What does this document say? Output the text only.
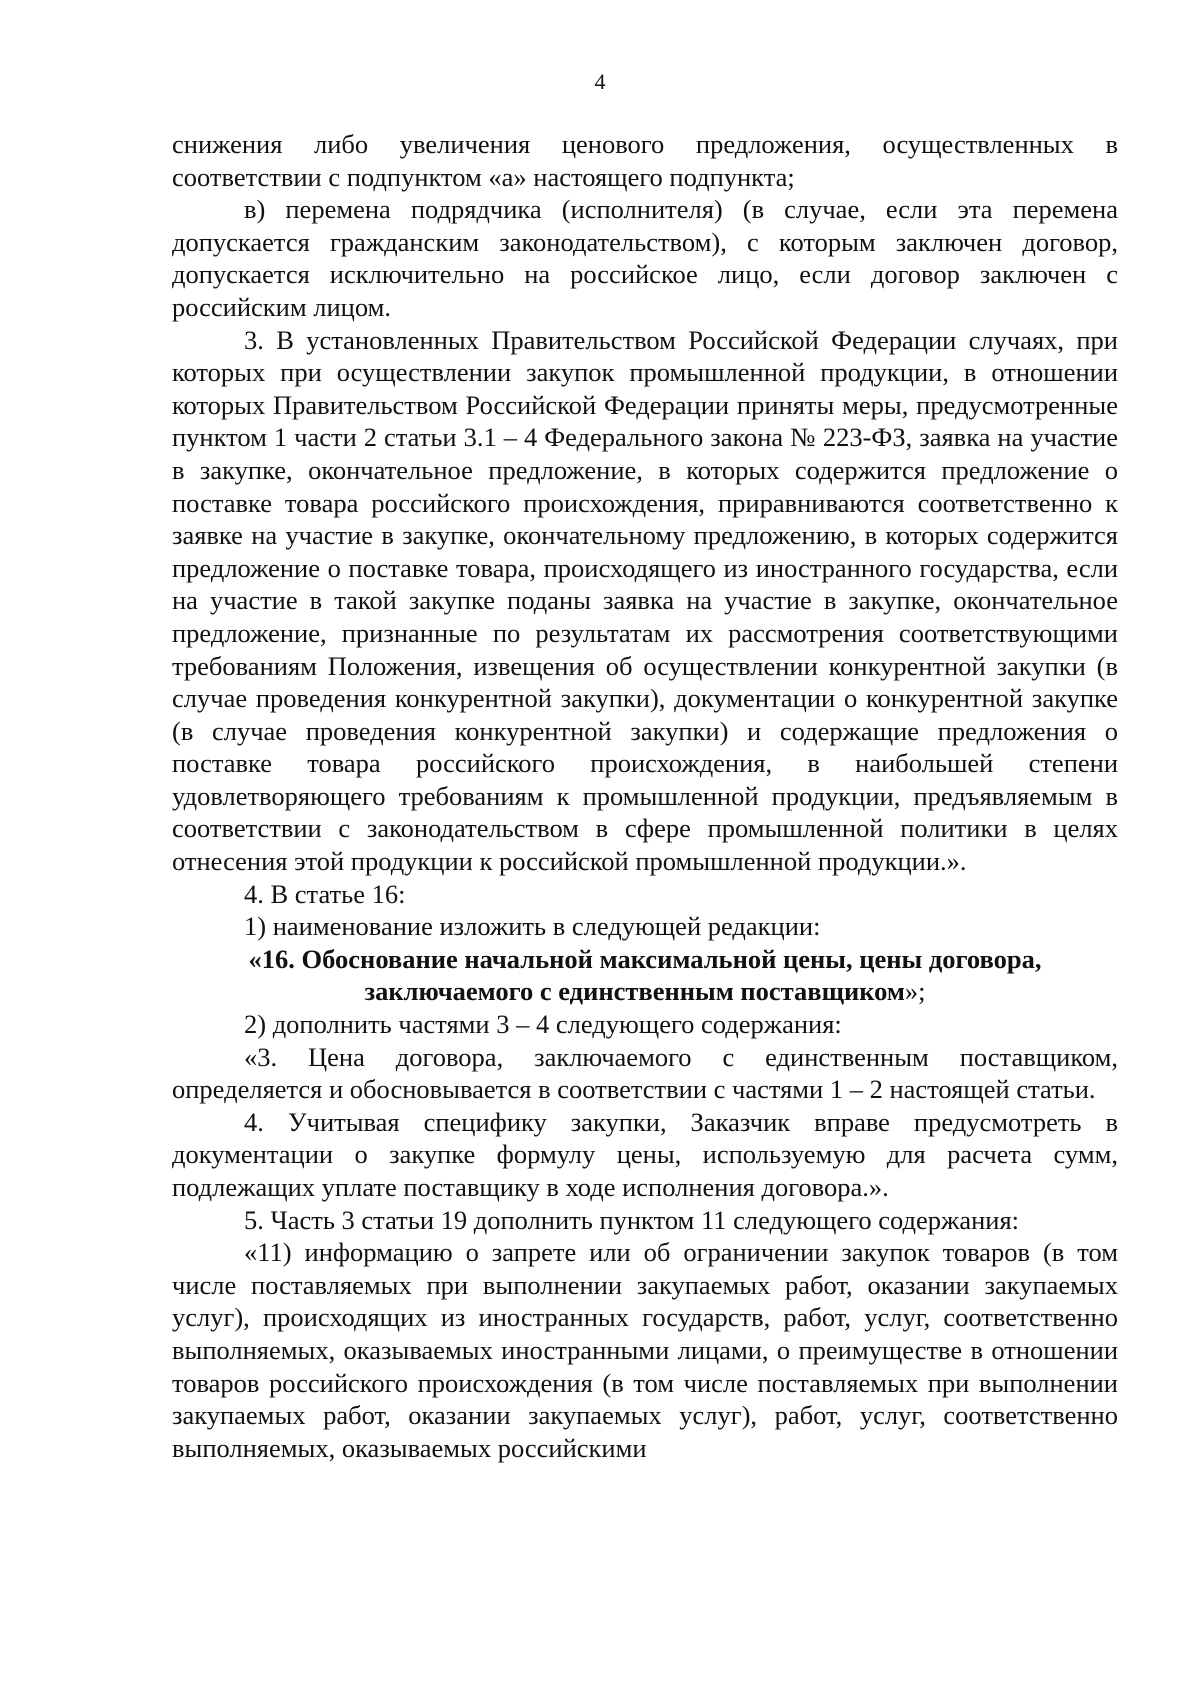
4

снижения либо увеличения ценового предложения, осуществленных в соответствии с подпунктом «а» настоящего подпункта;

в) перемена подрядчика (исполнителя) (в случае, если эта перемена допускается гражданским законодательством), с которым заключен договор, допускается исключительно на российское лицо, если договор заключен с российским лицом.

3. В установленных Правительством Российской Федерации случаях, при которых при осуществлении закупок промышленной продукции, в отношении которых Правительством Российской Федерации приняты меры, предусмотренные пунктом 1 части 2 статьи 3.1 – 4 Федерального закона № 223-ФЗ, заявка на участие в закупке, окончательное предложение, в которых содержится предложение о поставке товара российского происхождения, приравниваются соответственно к заявке на участие в закупке, окончательному предложению, в которых содержится предложение о поставке товара, происходящего из иностранного государства, если на участие в такой закупке поданы заявка на участие в закупке, окончательное предложение, признанные по результатам их рассмотрения соответствующими требованиям Положения, извещения об осуществлении конкурентной закупки (в случае проведения конкурентной закупки), документации о конкурентной закупке (в случае проведения конкурентной закупки) и содержащие предложения о поставке товара российского происхождения, в наибольшей степени удовлетворяющего требованиям к промышленной продукции, предъявляемым в соответствии с законодательством в сфере промышленной политики в целях отнесения этой продукции к российской промышленной продукции.».

4. В статье 16:

1) наименование изложить в следующей редакции:

«16. Обоснование начальной максимальной цены, цены договора, заключаемого с единственным поставщиком»;

2) дополнить частями 3 – 4 следующего содержания:

«3. Цена договора, заключаемого с единственным поставщиком, определяется и обосновывается в соответствии с частями 1 – 2 настоящей статьи.

4. Учитывая специфику закупки, Заказчик вправе предусмотреть в документации о закупке формулу цены, используемую для расчета сумм, подлежащих уплате поставщику в ходе исполнения договора.».

5. Часть 3 статьи 19 дополнить пунктом 11 следующего содержания:

«11) информацию о запрете или об ограничении закупок товаров (в том числе поставляемых при выполнении закупаемых работ, оказании закупаемых услуг), происходящих из иностранных государств, работ, услуг, соответственно выполняемых, оказываемых иностранными лицами, о преимуществе в отношении товаров российского происхождения (в том числе поставляемых при выполнении закупаемых работ, оказании закупаемых услуг), работ, услуг, соответственно выполняемых, оказываемых российскими
